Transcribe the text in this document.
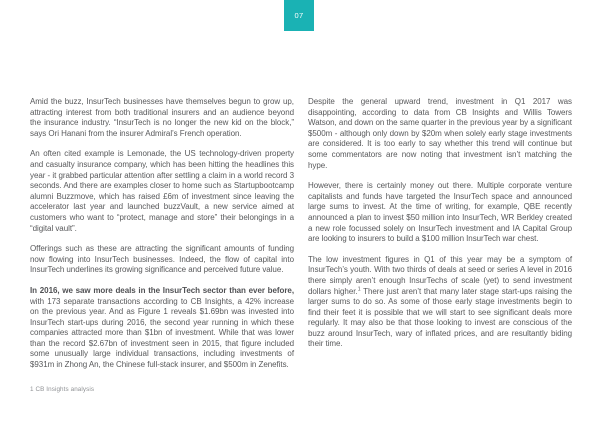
07

Amid the buzz, InsurTech businesses have themselves begun to grow up, attracting interest from both traditional insurers and an audience beyond the insurance industry. “InsurTech is no longer the new kid on the block,” says Ori Hanani from the insurer Admiral’s French operation.

An often cited example is Lemonade, the US technology-driven property and casualty insurance company, which has been hitting the headlines this year - it grabbed particular attention after settling a claim in a world record 3 seconds. And there are examples closer to home such as Startupbootcamp alumni Buzzmove, which has raised £6m of investment since leaving the accelerator last year and launched buzzVault, a new service aimed at customers who want to “protect, manage and store” their belongings in a “digital vault”.

Offerings such as these are attracting the significant amounts of funding now flowing into InsurTech businesses. Indeed, the flow of capital into InsurTech underlines its growing significance and perceived future value.

In 2016, we saw more deals in the InsurTech sector than ever before, with 173 separate transactions according to CB Insights, a 42% increase on the previous year. And as Figure 1 reveals $1.69bn was invested into InsurTech start-ups during 2016, the second year running in which these companies attracted more than $1bn of investment. While that was lower than the record $2.67bn of investment seen in 2015, that figure included some unusually large individual transactions, including investments of $931m in Zhong An, the Chinese full-stack insurer, and $500m in Zenefits.

Despite the general upward trend, investment in Q1 2017 was disappointing, according to data from CB Insights and Willis Towers Watson, and down on the same quarter in the previous year by a significant $500m - although only down by $20m when solely early stage investments are considered. It is too early to say whether this trend will continue but some commentators are now noting that investment isn’t matching the hype.

However, there is certainly money out there. Multiple corporate venture capitalists and funds have targeted the InsurTech space and announced large sums to invest. At the time of writing, for example, QBE recently announced a plan to invest $50 million into InsurTech, WR Berkley created a new role focussed solely on InsurTech investment and IA Capital Group are looking to insurers to build a $100 million InsurTech war chest.

The low investment figures in Q1 of this year may be a symptom of InsurTech’s youth. With two thirds of deals at seed or series A level in 2016 there simply aren’t enough InsurTechs of scale (yet) to send investment dollars higher.$^1$ There just aren’t that many later stage start-ups raising the larger sums to do so. As some of those early stage investments begin to find their feet it is possible that we will start to see significant deals more regularly. It may also be that those looking to invest are conscious of the buzz around InsurTech, wary of inflated prices, and are resultantly biding their time.

1 CB Insights analysis
